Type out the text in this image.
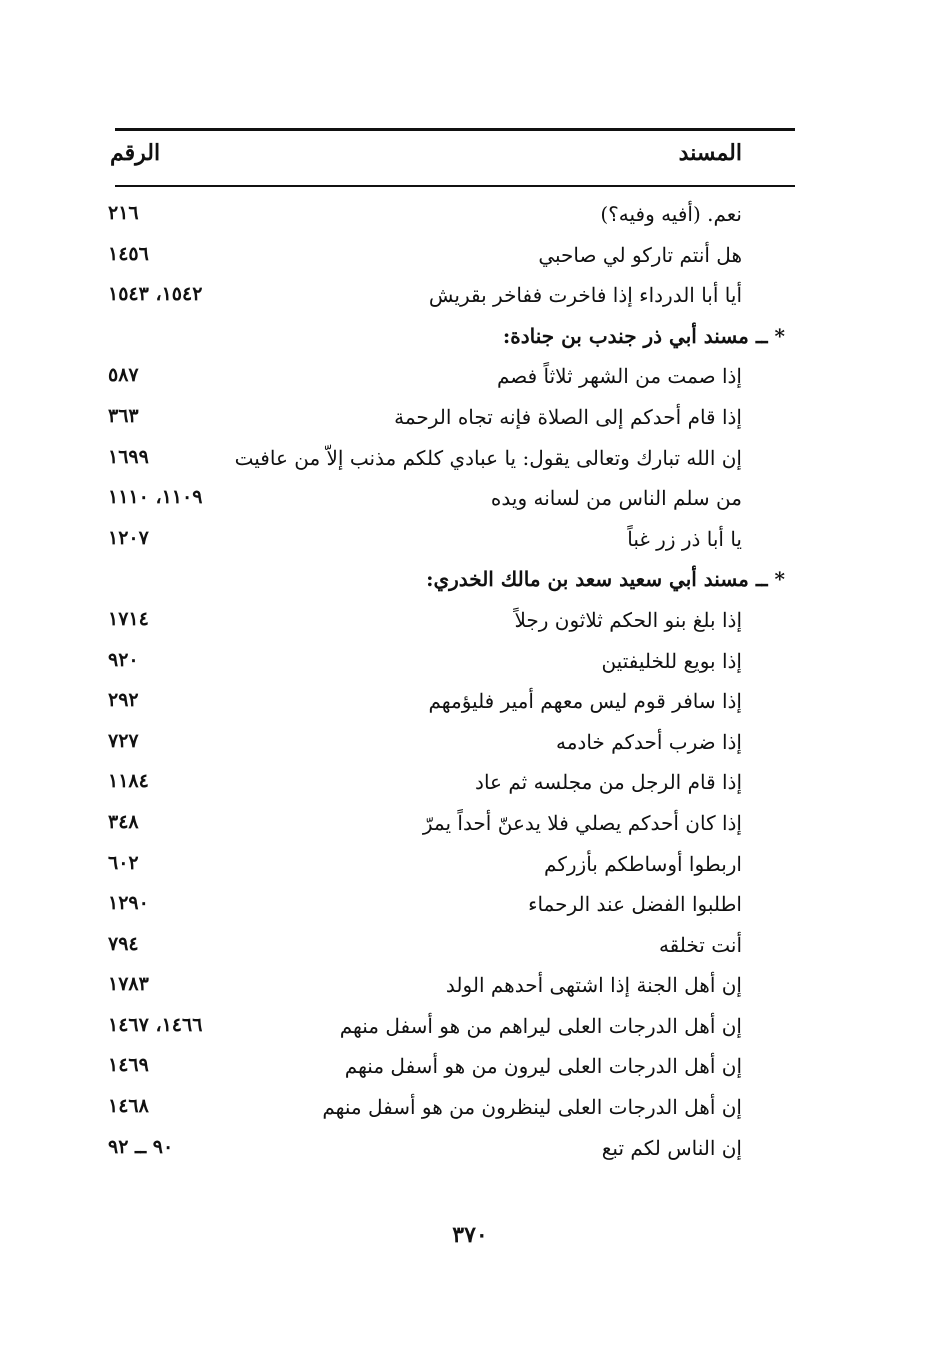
المسند
الرقم
نعم. (أفيه وفيه؟)
٢١٦
هل أنتم تاركو لي صاحبي
١٤٥٦
أيا أبا الدرداء إذا فاخرت ففاخر بقريش
١٥٤٢، ١٥٤٣
* ــ مسند أبي ذر جندب بن جنادة:
إذا صمت من الشهر ثلاثاً فصم
٥٨٧
إذا قام أحدكم إلى الصلاة فإنه تجاه الرحمة
٣٦٣
إن الله تبارك وتعالى يقول: يا عبادي كلكم مذنب إلاّ من عافيت
١٦٩٩
من سلم الناس من لسانه ويده
١١٠٩، ١١١٠
يا أبا ذر زر غباً
١٢٠٧
* ــ مسند أبي سعيد سعد بن مالك الخدري:
إذا بلغ بنو الحكم ثلاثون رجلاً
١٧١٤
إذا بويع للخليفتين
٩٢٠
إذا سافر قوم ليس معهم أمير فليؤمهم
٢٩٢
إذا ضرب أحدكم خادمه
٧٢٧
إذا قام الرجل من مجلسه ثم عاد
١١٨٤
إذا كان أحدكم يصلي فلا يدعنّ أحداً يمرّ
٣٤٨
اربطوا أوساطكم بأزركم
٦٠٢
اطلبوا الفضل عند الرحماء
١٢٩٠
أنت تخلقه
٧٩٤
إن أهل الجنة إذا اشتهى أحدهم الولد
١٧٨٣
إن أهل الدرجات العلى ليراهم من هو أسفل منهم
١٤٦٦، ١٤٦٧
إن أهل الدرجات العلى ليرون من هو أسفل منهم
١٤٦٩
إن أهل الدرجات العلى لينظرون من هو أسفل منهم
١٤٦٨
إن الناس لكم تبع
٩٠ ــ ٩٢
٣٧٠
